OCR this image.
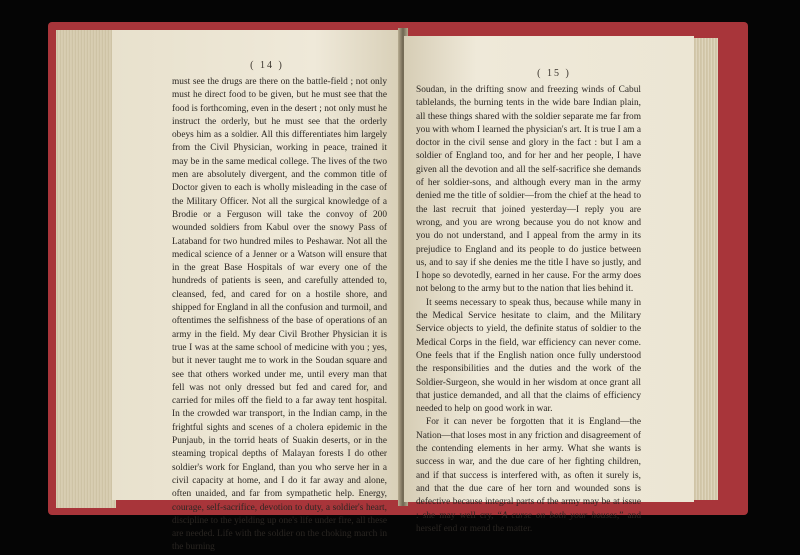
( 14 )

must see the drugs are there on the battle-field ; not only must he direct food to be given, but he must see that the food is forthcoming, even in the desert ; not only must he instruct the orderly, but he must see that the orderly obeys him as a soldier. All this differentiates him largely from the Civil Physician, working in peace, trained it may be in the same medical college. The lives of the two men are absolutely divergent, and the common title of Doctor given to each is wholly misleading in the case of the Military Officer. Not all the surgical knowledge of a Brodie or a Ferguson will take the convoy of 200 wounded soldiers from Kabul over the snowy Pass of Lataband for two hundred miles to Peshawar. Not all the medical science of a Jenner or a Watson will ensure that in the great Base Hospitals of war every one of the hundreds of patients is seen, and carefully attended to, cleansed, fed, and cared for on a hostile shore, and shipped for England in all the confusion and turmoil, and oftentimes the selfishness of the base of operations of an army in the field. My dear Civil Brother Physician it is true I was at the same school of medicine with you ; yes, but it never taught me to work in the Soudan square and see that others worked under me, until every man that fell was not only dressed but fed and cared for, and carried for miles off the field to a far away tent hospital. In the crowded war transport, in the Indian camp, in the frightful sights and scenes of a cholera epidemic in the Punjaub, in the torrid heats of Suakin deserts, or in the steaming tropical depths of Malayan forests I do other soldier's work for England, than you who serve her in a civil capacity at home, and I do it far away and alone, often unaided, and far from sympathetic help. Energy, courage, self-sacrifice, devotion to duty, a soldier's heart, discipline to the yielding up one's life under fire, all these are needed. Life with the soldier on the choking march in the burning

( 15 )

Soudan, in the drifting snow and freezing winds of Cabul tablelands, the burning tents in the wide bare Indian plain, all these things shared with the soldier separate me far from you with whom I learned the physician's art. It is true I am a doctor in the civil sense and glory in the fact : but I am a soldier of England too, and for her and her people, I have given all the devotion and all the self-sacrifice she demands of her soldier-sons, and although every man in the army denied me the title of soldier—from the chief at the head to the last recruit that joined yesterday—I reply you are wrong, and you are wrong because you do not know and you do not understand, and I appeal from the army in its prejudice to England and its people to do justice between us, and to say if she denies me the title I have so justly, and I hope so devotedly, earned in her cause. For the army does not belong to the army but to the nation that lies behind it.

It seems necessary to speak thus, because while many in the Medical Service hesitate to claim, and the Military Service objects to yield, the definite status of soldier to the Medical Corps in the field, war efficiency can never come. One feels that if the English nation once fully understood the responsibilities and the duties and the work of the Soldier-Surgeon, she would in her wisdom at once grant all that justice demanded, and all that the claims of efficiency needed to help on good work in war.

For it can never be forgotten that it is England—the Nation—that loses most in any friction and disagreement of the contending elements in her army. What she wants is success in war, and the due care of her fighting children, and if that success is interfered with, as often it surely is, and that the due care of her torn and wounded sons is defective because integral parts of the army may be at issue : she may well cry, “A curse on both your houses,” and herself end or mend the matter.
